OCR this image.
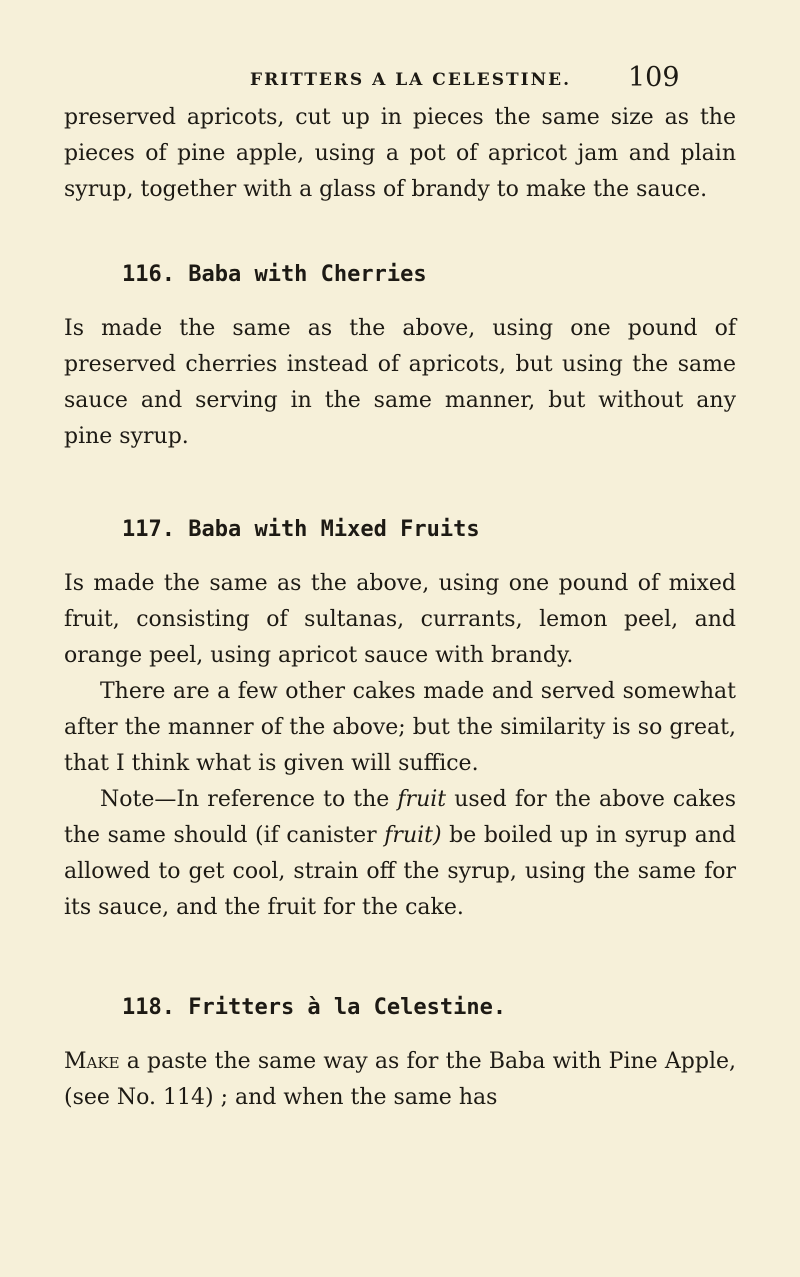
FRITTERS A LA CELESTINE. 109

preserved apricots, cut up in pieces the same size as the pieces of pine apple, using a pot of apricot jam and plain syrup, together with a glass of brandy to make the sauce.

116. Baba with Cherries

Is made the same as the above, using one pound of preserved cherries instead of apricots, but using the same sauce and serving in the same manner, but without any pine syrup.

117. Baba with Mixed Fruits

Is made the same as the above, using one pound of mixed fruit, consisting of sultanas, currants, lemon peel, and orange peel, using apricot sauce with brandy.

There are a few other cakes made and served somewhat after the manner of the above; but the similarity is so great, that I think what is given will suffice.

Note—In reference to the fruit used for the above cakes the same should (if canister fruit) be boiled up in syrup and allowed to get cool, strain off the syrup, using the same for its sauce, and the fruit for the cake.

118. Fritters à la Celestine.

Make a paste the same way as for the Baba with Pine Apple, (see No. 114) ; and when the same has
